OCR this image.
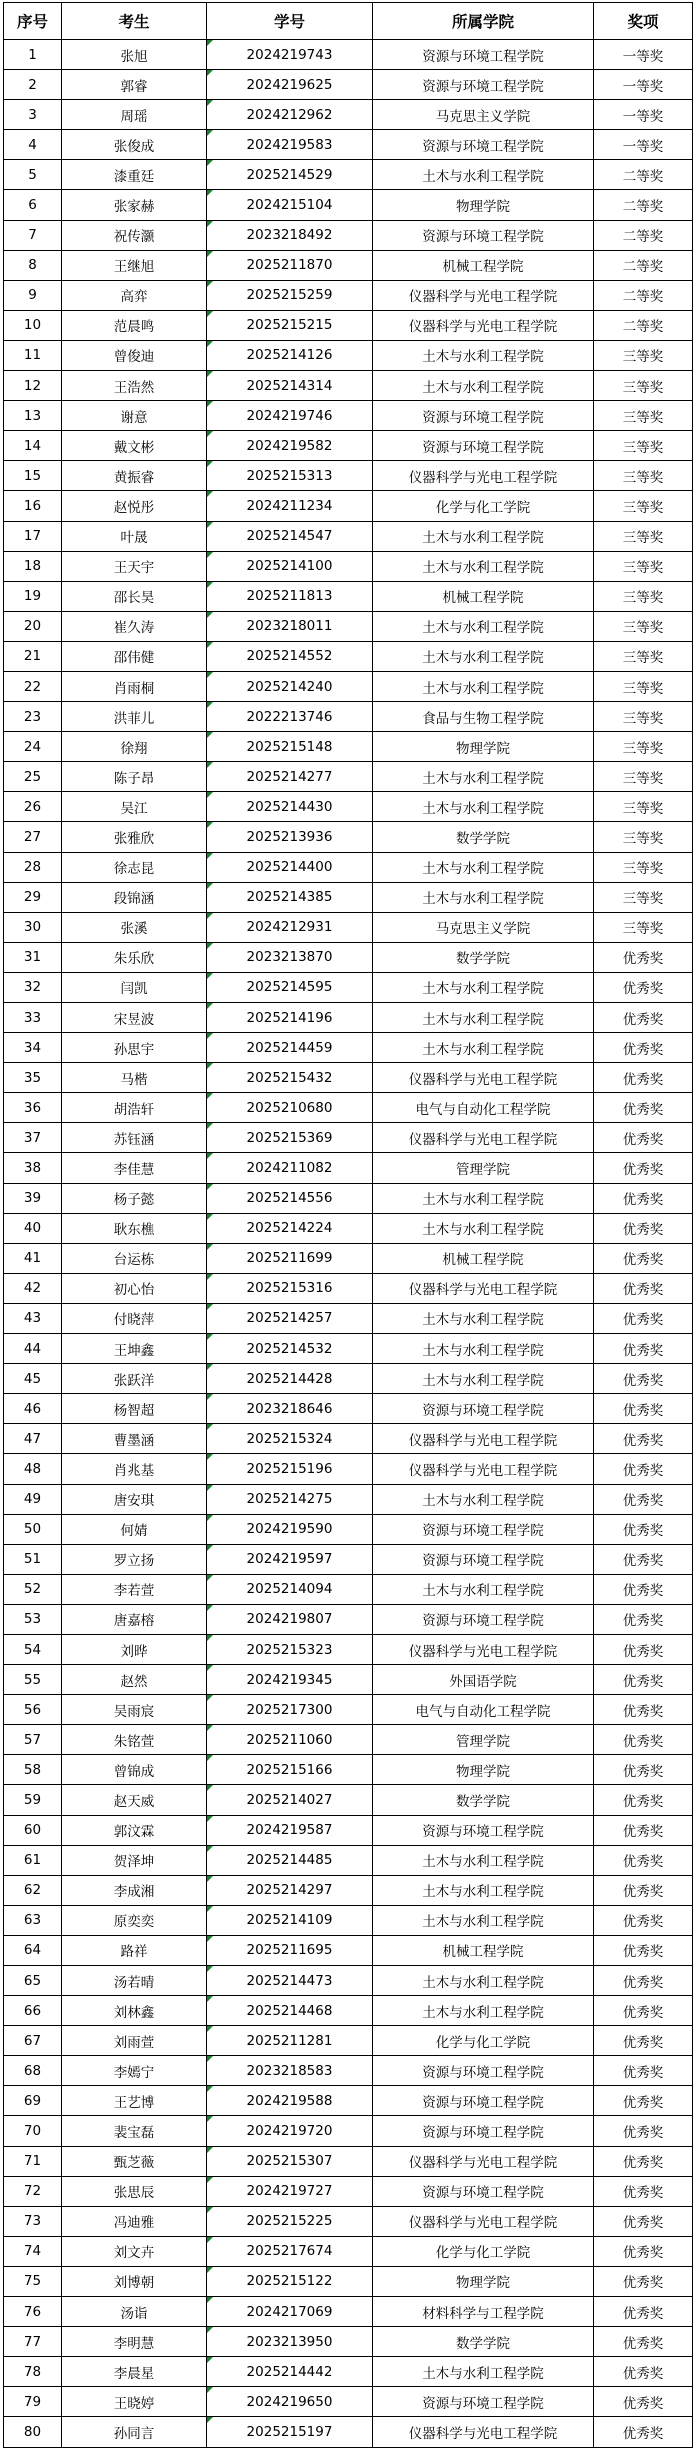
序号	考生	学号	所属学院	奖项
1	张旭	2024219743	资源与环境工程学院	一等奖
2	郭睿	2024219625	资源与环境工程学院	一等奖
3	周瑶	2024212962	马克思主义学院	一等奖
4	张俊成	2024219583	资源与环境工程学院	一等奖
5	漆重廷	2025214529	土木与水利工程学院	二等奖
6	张家赫	2024215104	物理学院	二等奖
7	祝传灏	2023218492	资源与环境工程学院	二等奖
8	王继旭	2025211870	机械工程学院	二等奖
9	高弈	2025215259	仪器科学与光电工程学院	二等奖
10	范晨鸣	2025215215	仪器科学与光电工程学院	二等奖
11	曾俊迪	2025214126	土木与水利工程学院	三等奖
12	王浩然	2025214314	土木与水利工程学院	三等奖
13	谢意	2024219746	资源与环境工程学院	三等奖
14	戴文彬	2024219582	资源与环境工程学院	三等奖
15	黄振睿	2025215313	仪器科学与光电工程学院	三等奖
16	赵悦彤	2024211234	化学与化工学院	三等奖
17	叶晟	2025214547	土木与水利工程学院	三等奖
18	王天宇	2025214100	土木与水利工程学院	三等奖
19	邵长昊	2025211813	机械工程学院	三等奖
20	崔久涛	2023218011	土木与水利工程学院	三等奖
21	邵伟健	2025214552	土木与水利工程学院	三等奖
22	肖雨桐	2025214240	土木与水利工程学院	三等奖
23	洪菲儿	2022213746	食品与生物工程学院	三等奖
24	徐翔	2025215148	物理学院	三等奖
25	陈子昂	2025214277	土木与水利工程学院	三等奖
26	吴江	2025214430	土木与水利工程学院	三等奖
27	张雅欣	2025213936	数学学院	三等奖
28	徐志昆	2025214400	土木与水利工程学院	三等奖
29	段锦涵	2025214385	土木与水利工程学院	三等奖
30	张溪	2024212931	马克思主义学院	三等奖
31	朱乐欣	2023213870	数学学院	优秀奖
32	闫凯	2025214595	土木与水利工程学院	优秀奖
33	宋昱波	2025214196	土木与水利工程学院	优秀奖
34	孙思宇	2025214459	土木与水利工程学院	优秀奖
35	马楷	2025215432	仪器科学与光电工程学院	优秀奖
36	胡浩轩	2025210680	电气与自动化工程学院	优秀奖
37	苏钰涵	2025215369	仪器科学与光电工程学院	优秀奖
38	李佳慧	2024211082	管理学院	优秀奖
39	杨子懿	2025214556	土木与水利工程学院	优秀奖
40	耿东樵	2025214224	土木与水利工程学院	优秀奖
41	台运栋	2025211699	机械工程学院	优秀奖
42	初心怡	2025215316	仪器科学与光电工程学院	优秀奖
43	付晓萍	2025214257	土木与水利工程学院	优秀奖
44	王坤鑫	2025214532	土木与水利工程学院	优秀奖
45	张跃洋	2025214428	土木与水利工程学院	优秀奖
46	杨智超	2023218646	资源与环境工程学院	优秀奖
47	曹墨涵	2025215324	仪器科学与光电工程学院	优秀奖
48	肖兆基	2025215196	仪器科学与光电工程学院	优秀奖
49	唐安琪	2025214275	土木与水利工程学院	优秀奖
50	何婧	2024219590	资源与环境工程学院	优秀奖
51	罗立扬	2024219597	资源与环境工程学院	优秀奖
52	李若萱	2025214094	土木与水利工程学院	优秀奖
53	唐嘉榕	2024219807	资源与环境工程学院	优秀奖
54	刘晔	2025215323	仪器科学与光电工程学院	优秀奖
55	赵然	2024219345	外国语学院	优秀奖
56	吴雨宸	2025217300	电气与自动化工程学院	优秀奖
57	朱铭萱	2025211060	管理学院	优秀奖
58	曾锦成	2025215166	物理学院	优秀奖
59	赵天威	2025214027	数学学院	优秀奖
60	郭汶霖	2024219587	资源与环境工程学院	优秀奖
61	贺泽坤	2025214485	土木与水利工程学院	优秀奖
62	李成湘	2025214297	土木与水利工程学院	优秀奖
63	原奕奕	2025214109	土木与水利工程学院	优秀奖
64	路祥	2025211695	机械工程学院	优秀奖
65	汤若晴	2025214473	土木与水利工程学院	优秀奖
66	刘林鑫	2025214468	土木与水利工程学院	优秀奖
67	刘雨萱	2025211281	化学与化工学院	优秀奖
68	李嫣宁	2023218583	资源与环境工程学院	优秀奖
69	王艺博	2024219588	资源与环境工程学院	优秀奖
70	裴宝磊	2024219720	资源与环境工程学院	优秀奖
71	甄芝薇	2025215307	仪器科学与光电工程学院	优秀奖
72	张思辰	2024219727	资源与环境工程学院	优秀奖
73	冯迪雅	2025215225	仪器科学与光电工程学院	优秀奖
74	刘文卉	2025217674	化学与化工学院	优秀奖
75	刘博朝	2025215122	物理学院	优秀奖
76	汤诣	2024217069	材料科学与工程学院	优秀奖
77	李明慧	2023213950	数学学院	优秀奖
78	李晨星	2025214442	土木与水利工程学院	优秀奖
79	王晓婷	2024219650	资源与环境工程学院	优秀奖
80	孙同言	2025215197	仪器科学与光电工程学院	优秀奖
